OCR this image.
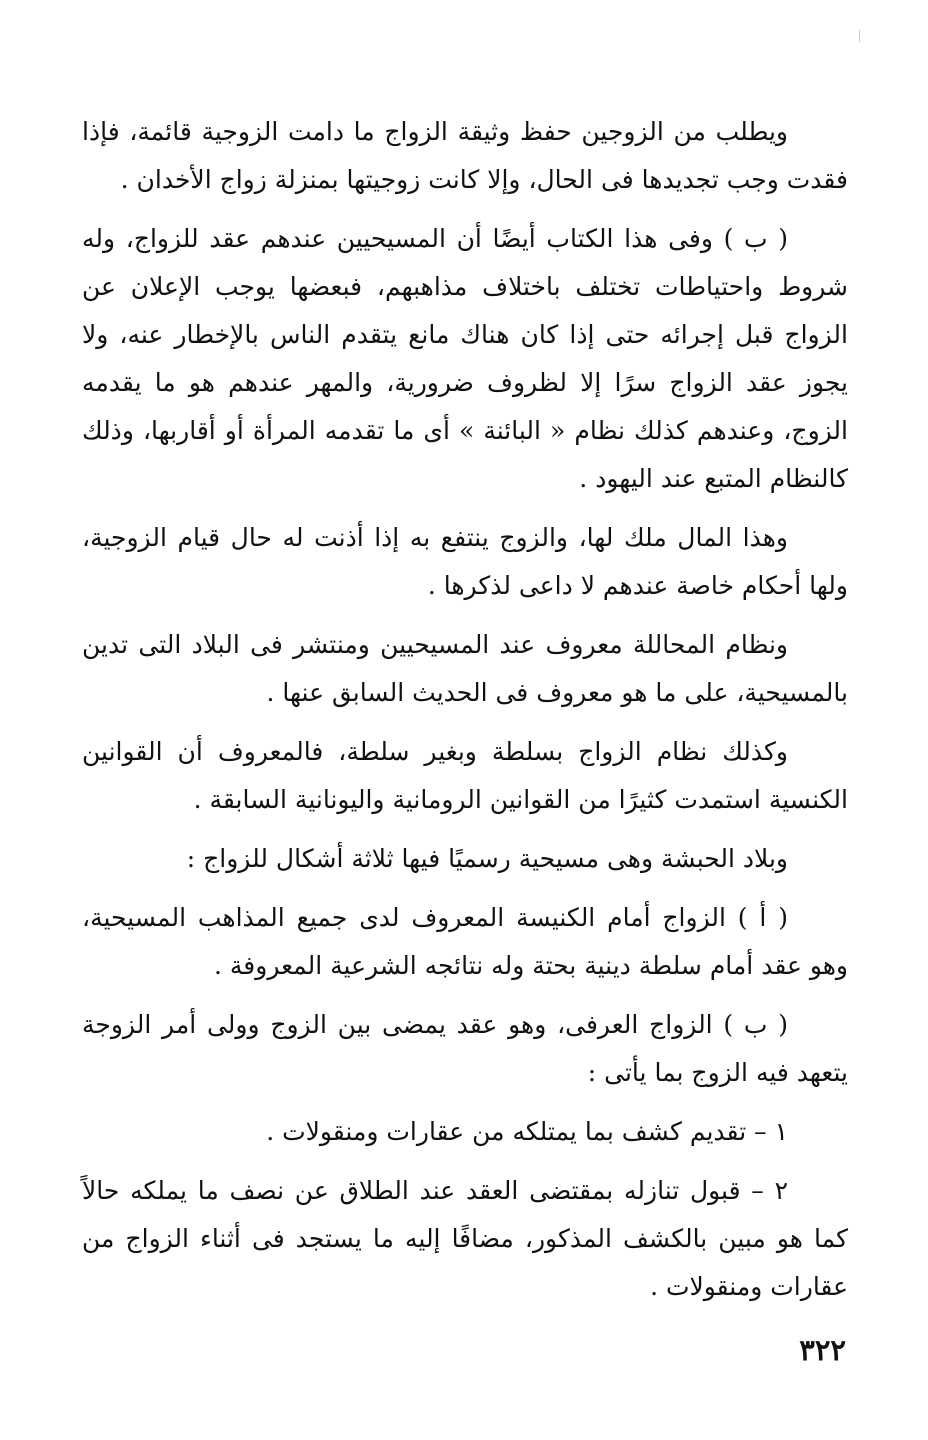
ويطلب من الزوجين حفظ وثيقة الزواج ما دامت الزوجية قائمة، فإذا فقدت وجب تجديدها فى الحال، وإلا كانت زوجيتها بمنزلة زواج الأخدان .

( ب ) وفى هذا الكتاب أيضًا أن المسيحيين عندهم عقد للزواج، وله شروط واحتياطات تختلف باختلاف مذاهبهم، فبعضها يوجب الإعلان عن الزواج قبل إجرائه حتى إذا كان هناك مانع يتقدم الناس بالإخطار عنه، ولا يجوز عقد الزواج سرًا إلا لظروف ضرورية، والمهر عندهم هو ما يقدمه الزوج، وعندهم كذلك نظام « البائنة » أى ما تقدمه المرأة أو أقاربها، وذلك كالنظام المتبع عند اليهود .

وهذا المال ملك لها، والزوج ينتفع به إذا أذنت له حال قيام الزوجية، ولها أحكام خاصة عندهم لا داعى لذكرها .

ونظام المحاللة معروف عند المسيحيين ومنتشر فى البلاد التى تدين بالمسيحية، على ما هو معروف فى الحديث السابق عنها .

وكذلك نظام الزواج بسلطة وبغير سلطة، فالمعروف أن القوانين الكنسية استمدت كثيرًا من القوانين الرومانية واليونانية السابقة .

وبلاد الحبشة وهى مسيحية رسميًا فيها ثلاثة أشكال للزواج :

( أ ) الزواج أمام الكنيسة المعروف لدى جميع المذاهب المسيحية، وهو عقد أمام سلطة دينية بحتة وله نتائجه الشرعية المعروفة .

( ب ) الزواج العرفى، وهو عقد يمضى بين الزوج وولى أمر الزوجة يتعهد فيه الزوج بما يأتى :

١ – تقديم كشف بما يمتلكه من عقارات ومنقولات .

٢ – قبول تنازله بمقتضى العقد عند الطلاق عن نصف ما يملكه حالاً كما هو مبين بالكشف المذكور، مضافًا إليه ما يستجد فى أثناء الزواج من عقارات ومنقولات .

٣٢٢
